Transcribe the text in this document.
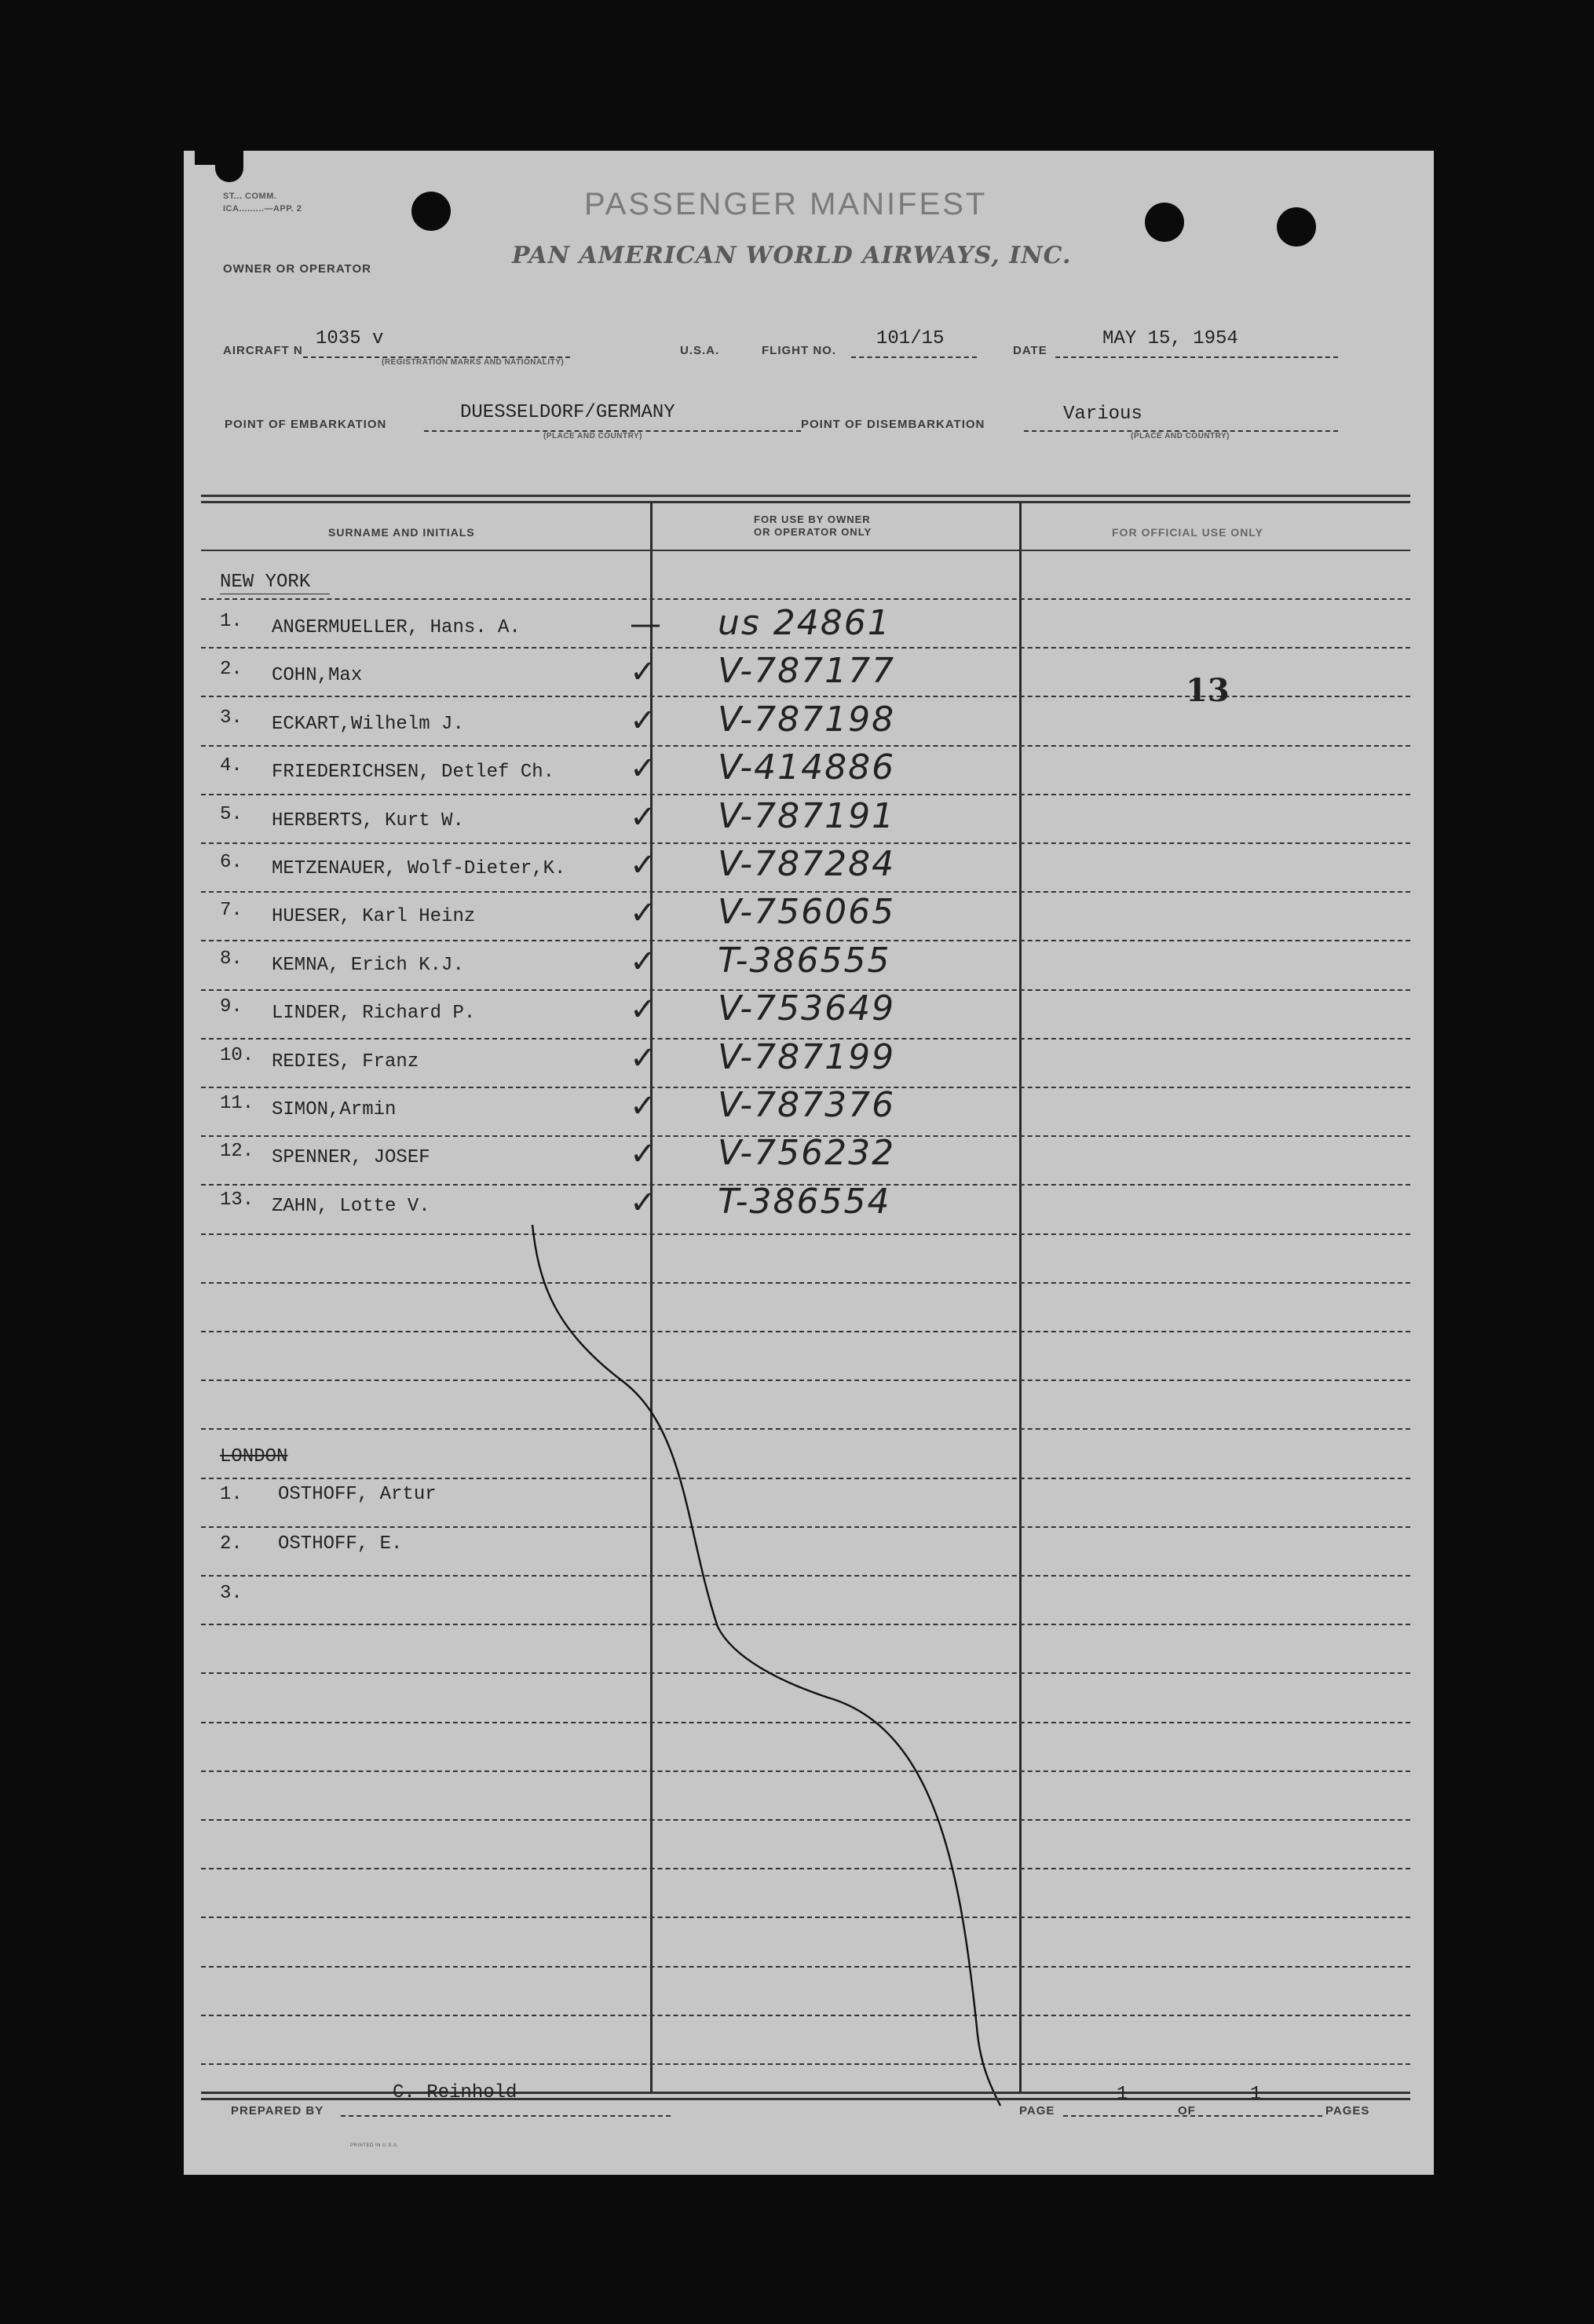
ST... COMM.
ICA.........—APP. 2	PASSENGER MANIFEST
OWNER OR OPERATOR	PAN AMERICAN WORLD AIRWAYS, INC.
AIRCRAFT N
1035 v
(REGISTRATION MARKS AND NATIONALITY)
U.S.A.	FLIGHT NO.
101/15
DATE
MAY 15, 1954
POINT OF EMBARKATION
DUESSELDORF/GERMANY
(PLACE AND COUNTRY)
POINT OF DISEMBARKATION	Various
(PLACE AND COUNTRY)
SURNAME AND INITIALS
FOR USE BY OWNER
OR OPERATOR ONLY	FOR OFFICIAL USE ONLY
NEW YORK
13
1. ANGERMUELLER, Hans. A.	— us 24861
2. COHN,Max	✓ V-787177
3. ECKART,Wilhelm J.	✓ V-787198
4. FRIEDERICHSEN, Detlef Ch. ✓ V-414886
5. HERBERTS, Kurt W.	✓ V-787191
6. METZENAUER, Wolf-Dieter,K. ✓ V-787284
7. HUESER, Karl Heinz	✓ V-756065
8. KEMNA, Erich K.J.	✓ T-386555
9. LINDER, Richard P.	✓ V-753649
10. REDIES, Franz	✓ V-787199
11. SIMON,Armin	✓ V-787376
12. SPENNER, JOSEF	✓ V-756232
13. ZAHN, Lotte V.	✓ T-386554
LONDON
1. OSTHOFF, Artur
2. OSTHOFF, E.
3.
PREPARED BY
C. Reinhold
PAGE
1
OF
1
PAGES
PRINTED IN U.S.A.
